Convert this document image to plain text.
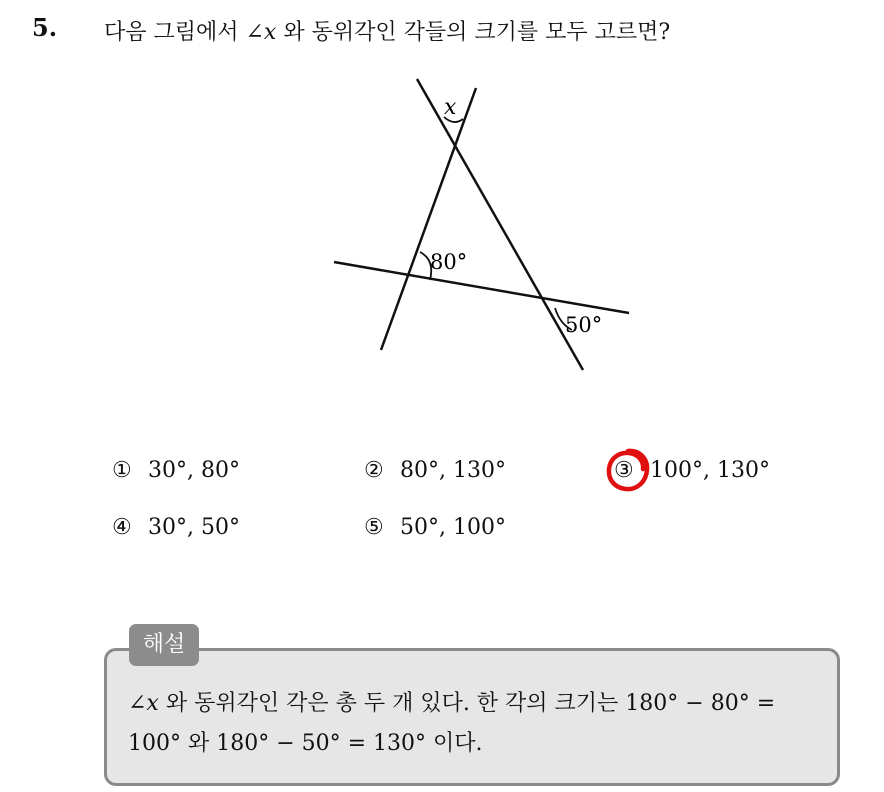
5. 다음 그림에서 ∠x 와 동위각인 각들의 크기를 모두 고르면?
x
80°
50°
① 30°, 80°	② 80°, 130°	③ 100°, 130°
④ 30°, 50°	⑤ 50°, 100°
해설
∠x 와 동위각인 각은 총 두 개 있다. 한 각의 크기는 180° − 80° =
100° 와 180° − 50° = 130° 이다.
